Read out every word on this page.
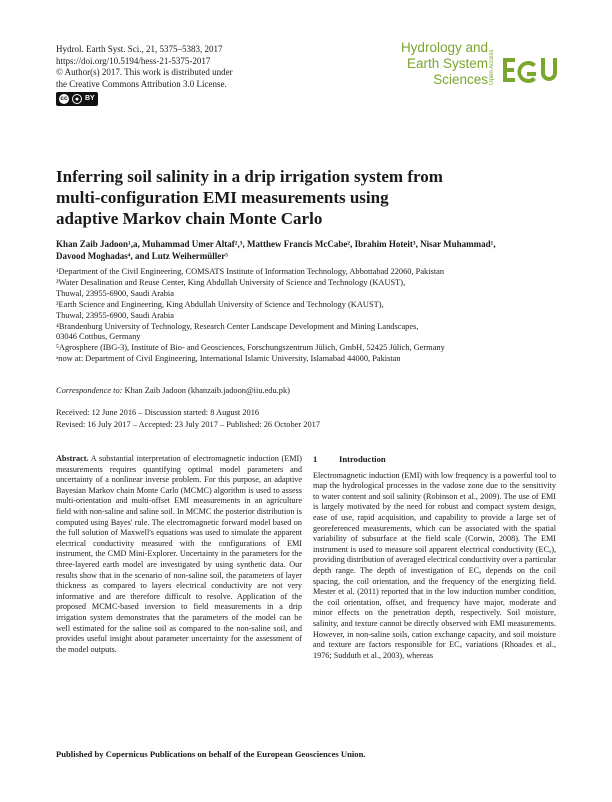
Hydrol. Earth Syst. Sci., 21, 5375–5383, 2017
https://doi.org/10.5194/hess-21-5375-2017
© Author(s) 2017. This work is distributed under
the Creative Commons Attribution 3.0 License.
cc	● BY
Hydrology and
Earth System
Sciences Open Access
Inferring soil salinity in a drip irrigation system from
multi-configuration EMI measurements using
adaptive Markov chain Monte Carlo
Khan Zaib Jadoon¹,a, Muhammad Umer Altaf²,³, Matthew Francis McCabe², Ibrahim Hoteit³, Nisar Muhammad¹,
Davood Moghadas⁴, and Lutz Weihermüller⁵

¹Department of the Civil Engineering, COMSATS Institute of Information Technology, Abbottabad 22060, Pakistan

²Water Desalination and Reuse Center, King Abdullah University of Science and Technology (KAUST),

Thuwal, 23955-6900, Saudi Arabia

³Earth Science and Engineering, King Abdullah University of Science and Technology (KAUST),

Thuwal, 23955-6900, Saudi Arabia

⁴Brandenburg University of Technology, Research Center Landscape Development and Mining Landscapes,

03046 Cottbus, Germany

⁵Agrosphere (IBG-3), Institute of Bio- and Geosciences, Forschungszentrum Jülich, GmbH, 52425 Jülich, Germany

ᵃnow at: Department of Civil Engineering, International Islamic University, Islamabad 44000, Pakistan

Correspondence to: Khan Zaib Jadoon (khanzaib.jadoon@iiu.edu.pk)
Received: 12 June 2016 – Discussion started: 8 August 2016
Revised: 16 July 2017 – Accepted: 23 July 2017 – Published: 26 October 2017

Abstract. A substantial interpretation of electromagnetic induction (EMI) measurements requires quantifying optimal model parameters and uncertainty of a nonlinear inverse problem. For this purpose, an adaptive Bayesian Markov chain Monte Carlo (MCMC) algorithm is used to assess multi-orientation and multi-offset EMI measurements in an agriculture field with non-saline and saline soil. In MCMC the posterior distribution is computed using Bayes' rule. The electromagnetic forward model based on the full solution of Maxwell's equations was used to simulate the apparent electrical conductivity measured with the configurations of EMI instrument, the CMD Mini-Explorer. Uncertainty in the parameters for the three-layered earth model are investigated by using synthetic data. Our results show that in the scenario of non-saline soil, the parameters of layer thickness as compared to layers electrical conductivity are not very informative and are therefore difficult to resolve. Application of the proposed MCMC-based inversion to field measurements in a drip irrigation system demonstrates that the parameters of the model can be well estimated for the saline soil as compared to the non-saline soil, and provides useful insight about parameter uncertainty for the assessment of the model outputs.

1	Introduction

Electromagnetic induction (EMI) with low frequency is a powerful tool to map the hydrological processes in the vadose zone due to the sensitivity to water content and soil salinity (Robinson et al., 2009). The use of EMI is largely motivated by the need for robust and compact system design, ease of use, rapid acquisition, and capability to provide a large set of georeferenced measurements, which can be associated with the spatial variability of subsurface at the field scale (Corwin, 2008). The EMI instrument is used to measure soil apparent electrical conductivity (ECₐ), providing distribution of averaged electrical conductivity over a particular depth range. The depth of investigation of ECₐ depends on the coil spacing, the coil orientation, and the frequency of the energizing field. Mester et al. (2011) reported that in the low induction number condition, the coil orientation, offset, and frequency have major, moderate and minor effects on the penetration depth, respectively. Soil moisture, salinity, and texture cannot be directly observed with EMI measurements. However, in non-saline soils, cation exchange capacity, and soil moisture and texture are factors responsible for ECₐ variations (Rhoades et al., 1976; Sudduth et al., 2003), whereas

Published by Copernicus Publications on behalf of the European Geosciences Union.
